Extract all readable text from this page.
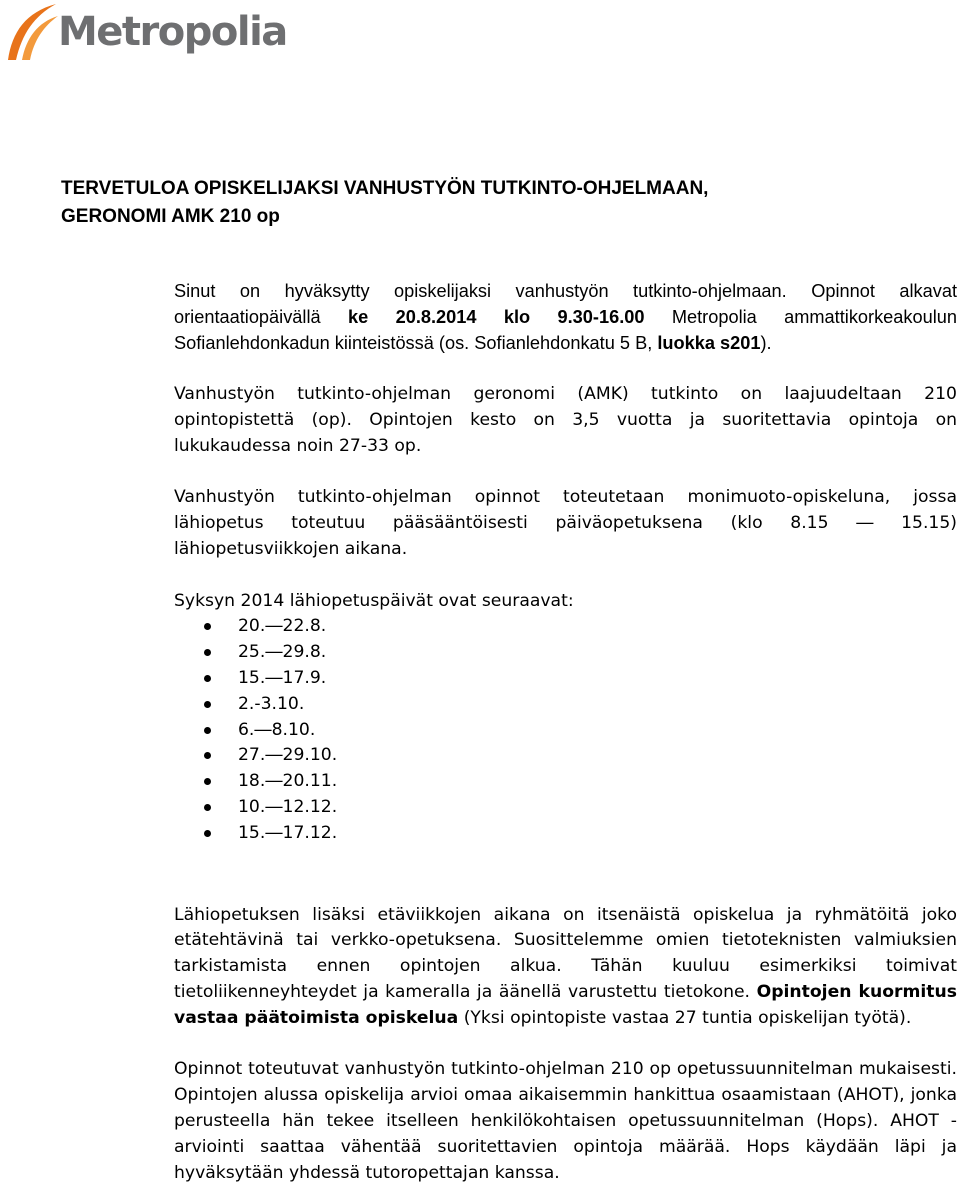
Metropolia
TERVETULOA OPISKELIJAKSI VANHUSTYÖN TUTKINTO-OHJELMAAN,
GERONOMI AMK 210 op

Sinut on hyväksytty opiskelijaksi vanhustyön tutkinto-ohjelmaan. Opinnot alkavat orientaatiopäivällä ke 20.8.2014 klo 9.30-16.00 Metropolia ammattikorkeakoulun Sofianlehdonkadun kiinteistössä (os. Sofianlehdonkatu 5 B, luokka s201).

Vanhustyön tutkinto-ohjelman geronomi (AMK) tutkinto on laajuudeltaan 210 opintopistettä (op). Opintojen kesto on 3,5 vuotta ja suoritettavia opintoja on lukukaudessa noin 27-33 op.

Vanhustyön tutkinto-ohjelman opinnot toteutetaan monimuoto-opiskeluna, jossa lähiopetus toteutuu pääsääntöisesti päiväopetuksena (klo 8.15 ― 15.15) lähiopetusviikkojen aikana.

Syksyn 2014 lähiopetuspäivät ovat seuraavat:

20.―22.8.
25.―29.8.
15.―17.9.
2.-3.10.
6.―8.10.
27.―29.10.
18.―20.11.
10.―12.12.
15.―17.12.

Lähiopetuksen lisäksi etäviikkojen aikana on itsenäistä opiskelua ja ryhmätöitä joko etätehtävinä tai verkko-opetuksena. Suosittelemme omien tietoteknisten valmiuksien tarkistamista ennen opintojen alkua. Tähän kuuluu esimerkiksi toimivat tietoliikenneyhteydet ja kameralla ja äänellä varustettu tietokone. Opintojen kuormitus vastaa päätoimista opiskelua (Yksi opintopiste vastaa 27 tuntia opiskelijan työtä).

Opinnot toteutuvat vanhustyön tutkinto-ohjelman 210 op opetussuunnitelman mukaisesti. Opintojen alussa opiskelija arvioi omaa aikaisemmin hankittua osaamistaan (AHOT), jonka perusteella hän tekee itselleen henkilökohtaisen opetussuunnitelman (Hops). AHOT -arviointi saattaa vähentää suoritettavien opintoja määrää. Hops käydään läpi ja hyväksytään yhdessä tutoropettajan kanssa.
